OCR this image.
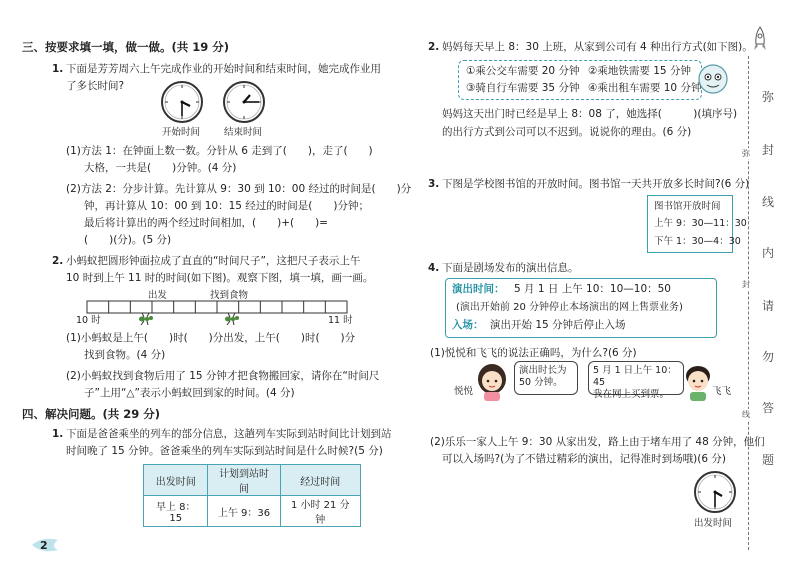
三、按要求填一填，做一做。(共 19 分)
1. 下面是芳芳周六上午完成作业的开始时间和结束时间，她完成作业用
了多长时间?
开始时间	结束时间
(1)方法 1：在钟面上数一数。分针从 6 走到了(　　)，走了(　　)
大格，一共是(　　)分钟。(4 分)
(2)方法 2：分步计算。先计算从 9：30 到 10：00 经过的时间是(　　)分
钟，再计算从 10：00 到 10：15 经过的时间是(　　)分钟；
最后将计算出的两个经过时间相加，(　　)+(　　)=
(　　)(分)。(5 分)
2. 小蚂蚁把圆形钟面拉成了直直的“时间尺子”，这把尺子表示上午
10 时到上午 11 时的时间(如下图)。观察下图，填一填，画一画。
出发	找到食物
10 时	11 时
(1)小蚂蚁是上午(　　)时(　　)分出发，上午(　　)时(　　)分
找到食物。(4 分)
(2)小蚂蚁找到食物后用了 15 分钟才把食物搬回家，请你在“时间尺
子”上用“△”表示小蚂蚁回到家的时间。(4 分)
四、解决问题。(共 29 分)
1. 下面是爸爸乘坐的列车的部分信息，这趟列车实际到站时间比计划到站
时间晚了 15 分钟。爸爸乘坐的列车实际到站时间是什么时候?(5 分)
出发时间	计划到站时间	经过时间
早上 8：15	上午 9：36	1 小时 21 分钟
2
2. 妈妈每天早上 8：30 上班，从家到公司有 4 种出行方式(如下图)。
①乘公交车需要 20 分钟 ②乘地铁需要 15 分钟
③骑自行车需要 35 分钟 ④乘出租车需要 10 分钟
妈妈这天出门时已经是早上 8：08 了，她选择(　　　)(填序号)
的出行方式到公司可以不迟到。说说你的理由。(6 分)
3. 下图是学校图书馆的开放时间。图书馆一天共开放多长时间?(6 分)
图书馆开放时间
上午 9：30—11：30
下午 1：30—4：30
4. 下面是剧场发布的演出信息。
演出时间： 5 月 1 日 上午 10：10—10：50
(演出开始前 20 分钟停止本场演出的网上售票业务)
入场： 演出开始 15 分钟后停止入场
(1)悦悦和飞飞的说法正确吗，为什么?(6 分)
悦悦
演出时长为
50 分钟。
5 月 1 日上午 10：45
我在网上买到票。	飞飞
(2)乐乐一家人上午 9：30 从家出发，路上由于堵车用了 48 分钟，他们
可以入场吗?(为了不错过精彩的演出，记得准时到场哦)(6 分)
出发时间
弥
弥 封
线
内
封
请
勿
线 答
题
